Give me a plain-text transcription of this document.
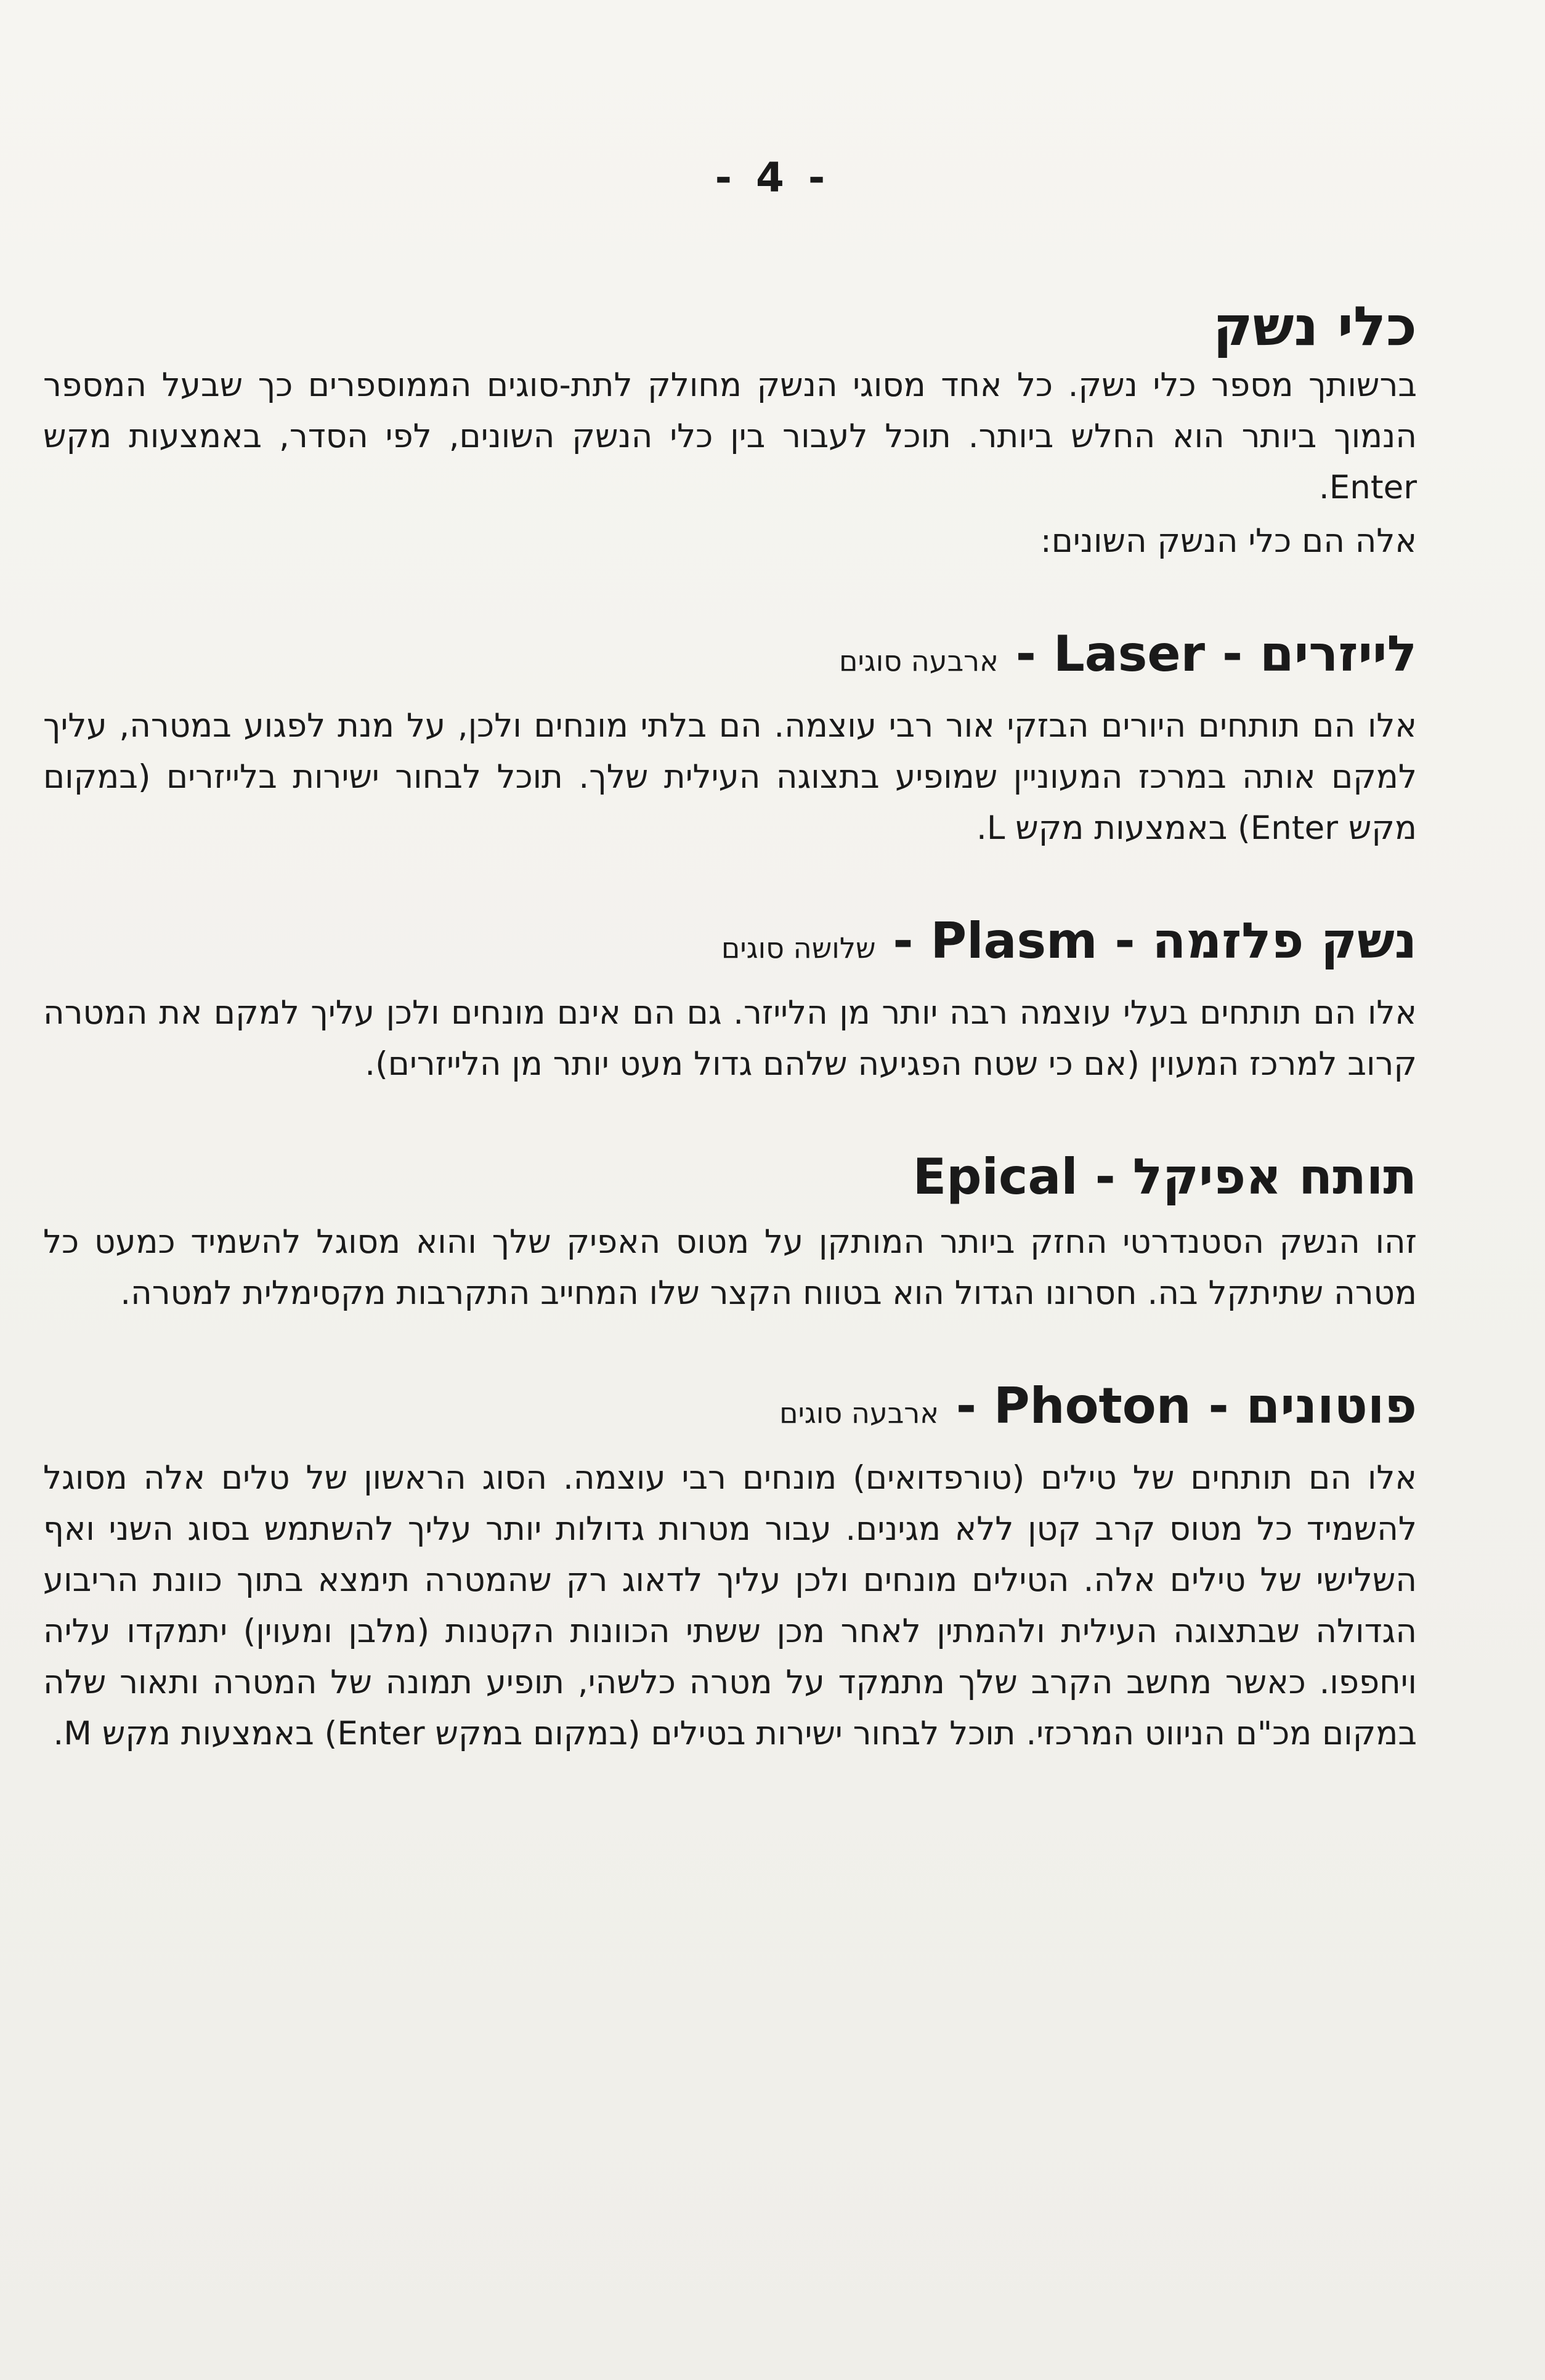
- 4 -
כלי נשק

ברשותך מספר כלי נשק. כל אחד מסוגי הנשק מחולק לתת-סוגים הממוספרים כך שבעל המספר הנמוך ביותר הוא החלש ביותר. תוכל לעבור בין כלי הנשק השונים, לפי הסדר, באמצעות מקש Enter.

אלה הם כלי הנשק השונים:

לייזרים - Laser - ארבעה סוגים

אלו הם תותחים היורים הבזקי אור רבי עוצמה. הם בלתי מונחים ולכן, על מנת לפגוע במטרה, עליך למקם אותה במרכז המעוניין שמופיע בתצוגה העילית שלך. תוכל לבחור ישירות בלייזרים (במקום מקש Enter) באמצעות מקש L.

נשק פלזמה - Plasm - שלושה סוגים

אלו הם תותחים בעלי עוצמה רבה יותר מן הלייזר. גם הם אינם מונחים ולכן עליך למקם את המטרה קרוב למרכז המעוין (אם כי שטח הפגיעה שלהם גדול מעט יותר מן הלייזרים).

תותח אפיקל - Epical

זהו הנשק הסטנדרטי החזק ביותר המותקן על מטוס האפיק שלך והוא מסוגל להשמיד כמעט כל מטרה שתיתקל בה. חסרונו הגדול הוא בטווח הקצר שלו המחייב התקרבות מקסימלית למטרה.

פוטונים - Photon - ארבעה סוגים

אלו הם תותחים של טילים (טורפדואים) מונחים רבי עוצמה. הסוג הראשון של טלים אלה מסוגל להשמיד כל מטוס קרב קטן ללא מגינים. עבור מטרות גדולות יותר עליך להשתמש בסוג השני ואף השלישי של טילים אלה. הטילים מונחים ולכן עליך לדאוג רק שהמטרה תימצא בתוך כוונת הריבוע הגדולה שבתצוגה העילית ולהמתין לאחר מכן ששתי הכוונות הקטנות (מלבן ומעוין) יתמקדו עליה ויחפפו. כאשר מחשב הקרב שלך מתמקד על מטרה כלשהי, תופיע תמונה של המטרה ותאור שלה במקום מכ"ם הניווט המרכזי. תוכל לבחור ישירות בטילים (במקום במקש Enter) באמצעות מקש M.
